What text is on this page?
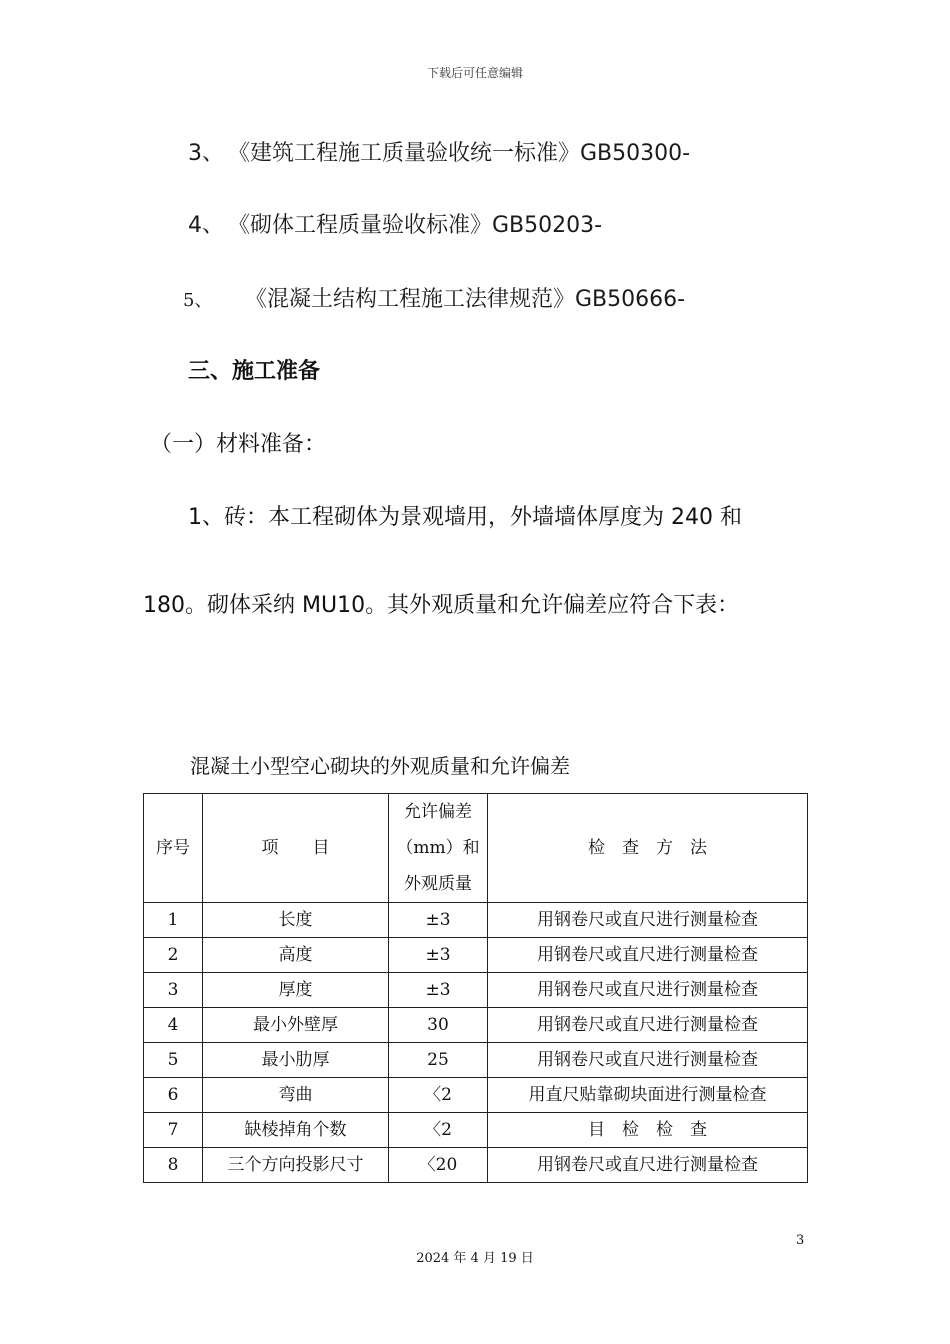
下载后可任意编辑
3、 《建筑工程施工质量验收统一标准》GB50300-
4、 《砌体工程质量验收标准》GB50203-
5、 《混凝土结构工程施工法律规范》GB50666-
三、施工准备
（一）材料准备：
1、砖：本工程砌体为景观墙用，外墙墙体厚度为 240 和
180。砌体采纳 MU10。其外观质量和允许偏差应符合下表：
混凝土小型空心砌块的外观质量和允许偏差
序号	项　　目	允许偏差
（mm）和
外观质量	检　查　方　法
1	长度	±3	用钢卷尺或直尺进行测量检查
2	高度	±3	用钢卷尺或直尺进行测量检查
3	厚度	±3	用钢卷尺或直尺进行测量检查
4	最小外壁厚	30	用钢卷尺或直尺进行测量检查
5	最小肋厚	25	用钢卷尺或直尺进行测量检查
6	弯曲	〈2	用直尺贴靠砌块面进行测量检查
7	缺棱掉角个数	〈2	目　检　检　查
8	三个方向投影尺寸	〈20	用钢卷尺或直尺进行测量检查
3
2024 年 4 月 19 日
